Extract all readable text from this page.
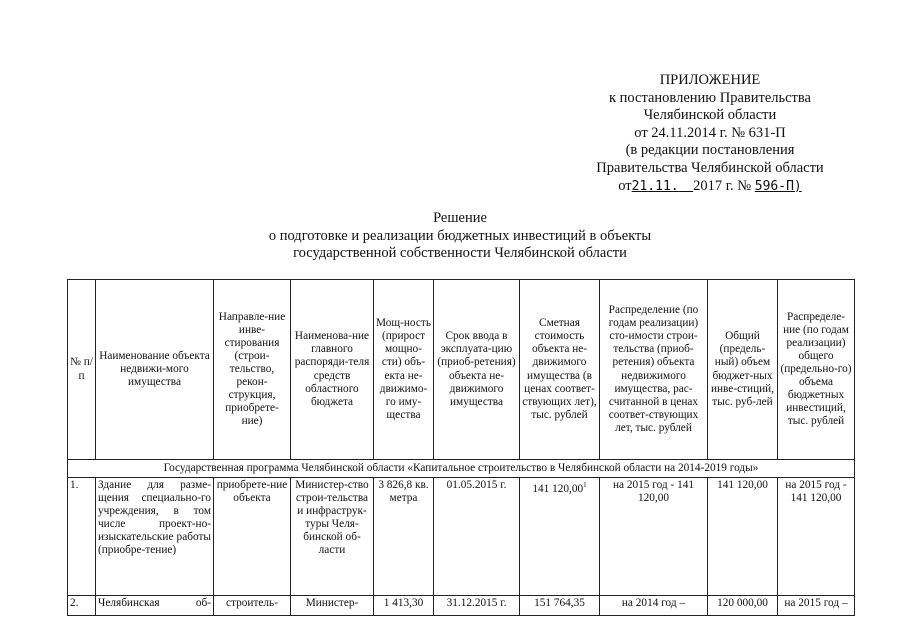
ПРИЛОЖЕНИЕ
к постановлению Правительства
Челябинской области
от 24.11.2014 г. № 631-П
(в редакции постановления
Правительства Челябинской области
от21.11. 2017 г. № 596-П)
Решение
о подготовке и реализации бюджетных инвестиций в объекты
государственной собственности Челябинской области
№ п/п	Наименование объекта недвижи-мого имущества	Направле-ние инве-стирования (строи-тельство, рекон-струкция, приобрете-ние)	Наименова-ние главного распоряди-теля средств областного бюджета	Мощ-ность (прирост мощно-сти) объ-екта не-движимо-го иму-щества	Срок ввода в эксплуата-цию (приоб-ретения) объекта не-движимого имущества	Сметная стоимость объекта не-движимого имущества (в ценах соответ-ствующих лет), тыс. рублей	Распределение (по годам реализации) сто-имости строи-тельства (приоб-ретения) объекта недвижимого имущества, рас-считанной в ценах соответ-ствующих лет, тыс. рублей	Общий (предель-ный) объем бюджет-ных инве-стиций, тыс. руб-лей	Распределе-ние (по годам реализации) общего (предельно-го) объема бюджетных инвестиций, тыс. рублей
Государственная программа Челябинской области «Капитальное строительство в Челябинской области на 2014-2019 годы»									
1.	Здание для разме-щения специально-го учреждения, в том числе проект-но-изыскательские работы (приобре-тение)	приобрете-ние объекта	Министер-ство строи-тельства и инфраструк-туры Челя-бинской об-ласти	3 826,8 кв. метра	01.05.2015 г.	141 120,00$^1$	на 2015 год - 141 120,00	141 120,00	на 2015 год - 141 120,00
2.	Челябинская об-	строитель-	Министер-	1 413,30	31.12.2015 г.	151 764,35	на 2014 год –	120 000,00	на 2015 год –
